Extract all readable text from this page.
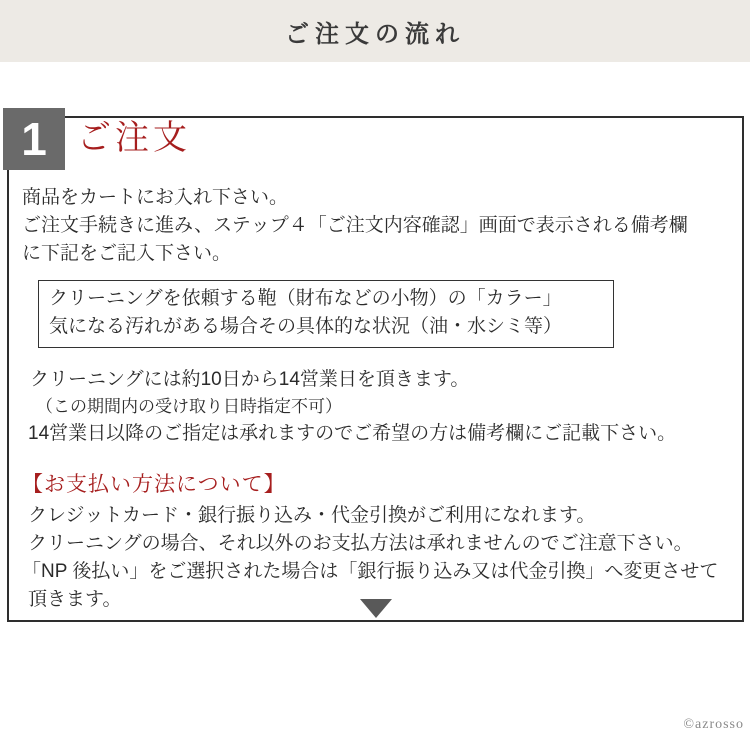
ご注文の流れ
1 ご注文
商品をカートにお入れ下さい。
ご注文手続きに進み、ステップ４「ご注文内容確認」画面で表示される備考欄
に下記をご記入下さい。
クリーニングを依頼する鞄（財布などの小物）の「カラー」
気になる汚れがある場合その具体的な状況（油・水シミ等）
クリーニングには約10日から14営業日を頂きます。
（この期間内の受け取り日時指定不可）
14営業日以降のご指定は承れますのでご希望の方は備考欄にご記載下さい。
【お支払い方法について】
クレジットカード・銀行振り込み・代金引換がご利用になれます。
クリーニングの場合、それ以外のお支払方法は承れませんのでご注意下さい。
「NP 後払い」をご選択された場合は「銀行振り込み又は代金引換」へ変更させて
頂きます。
©azrosso
